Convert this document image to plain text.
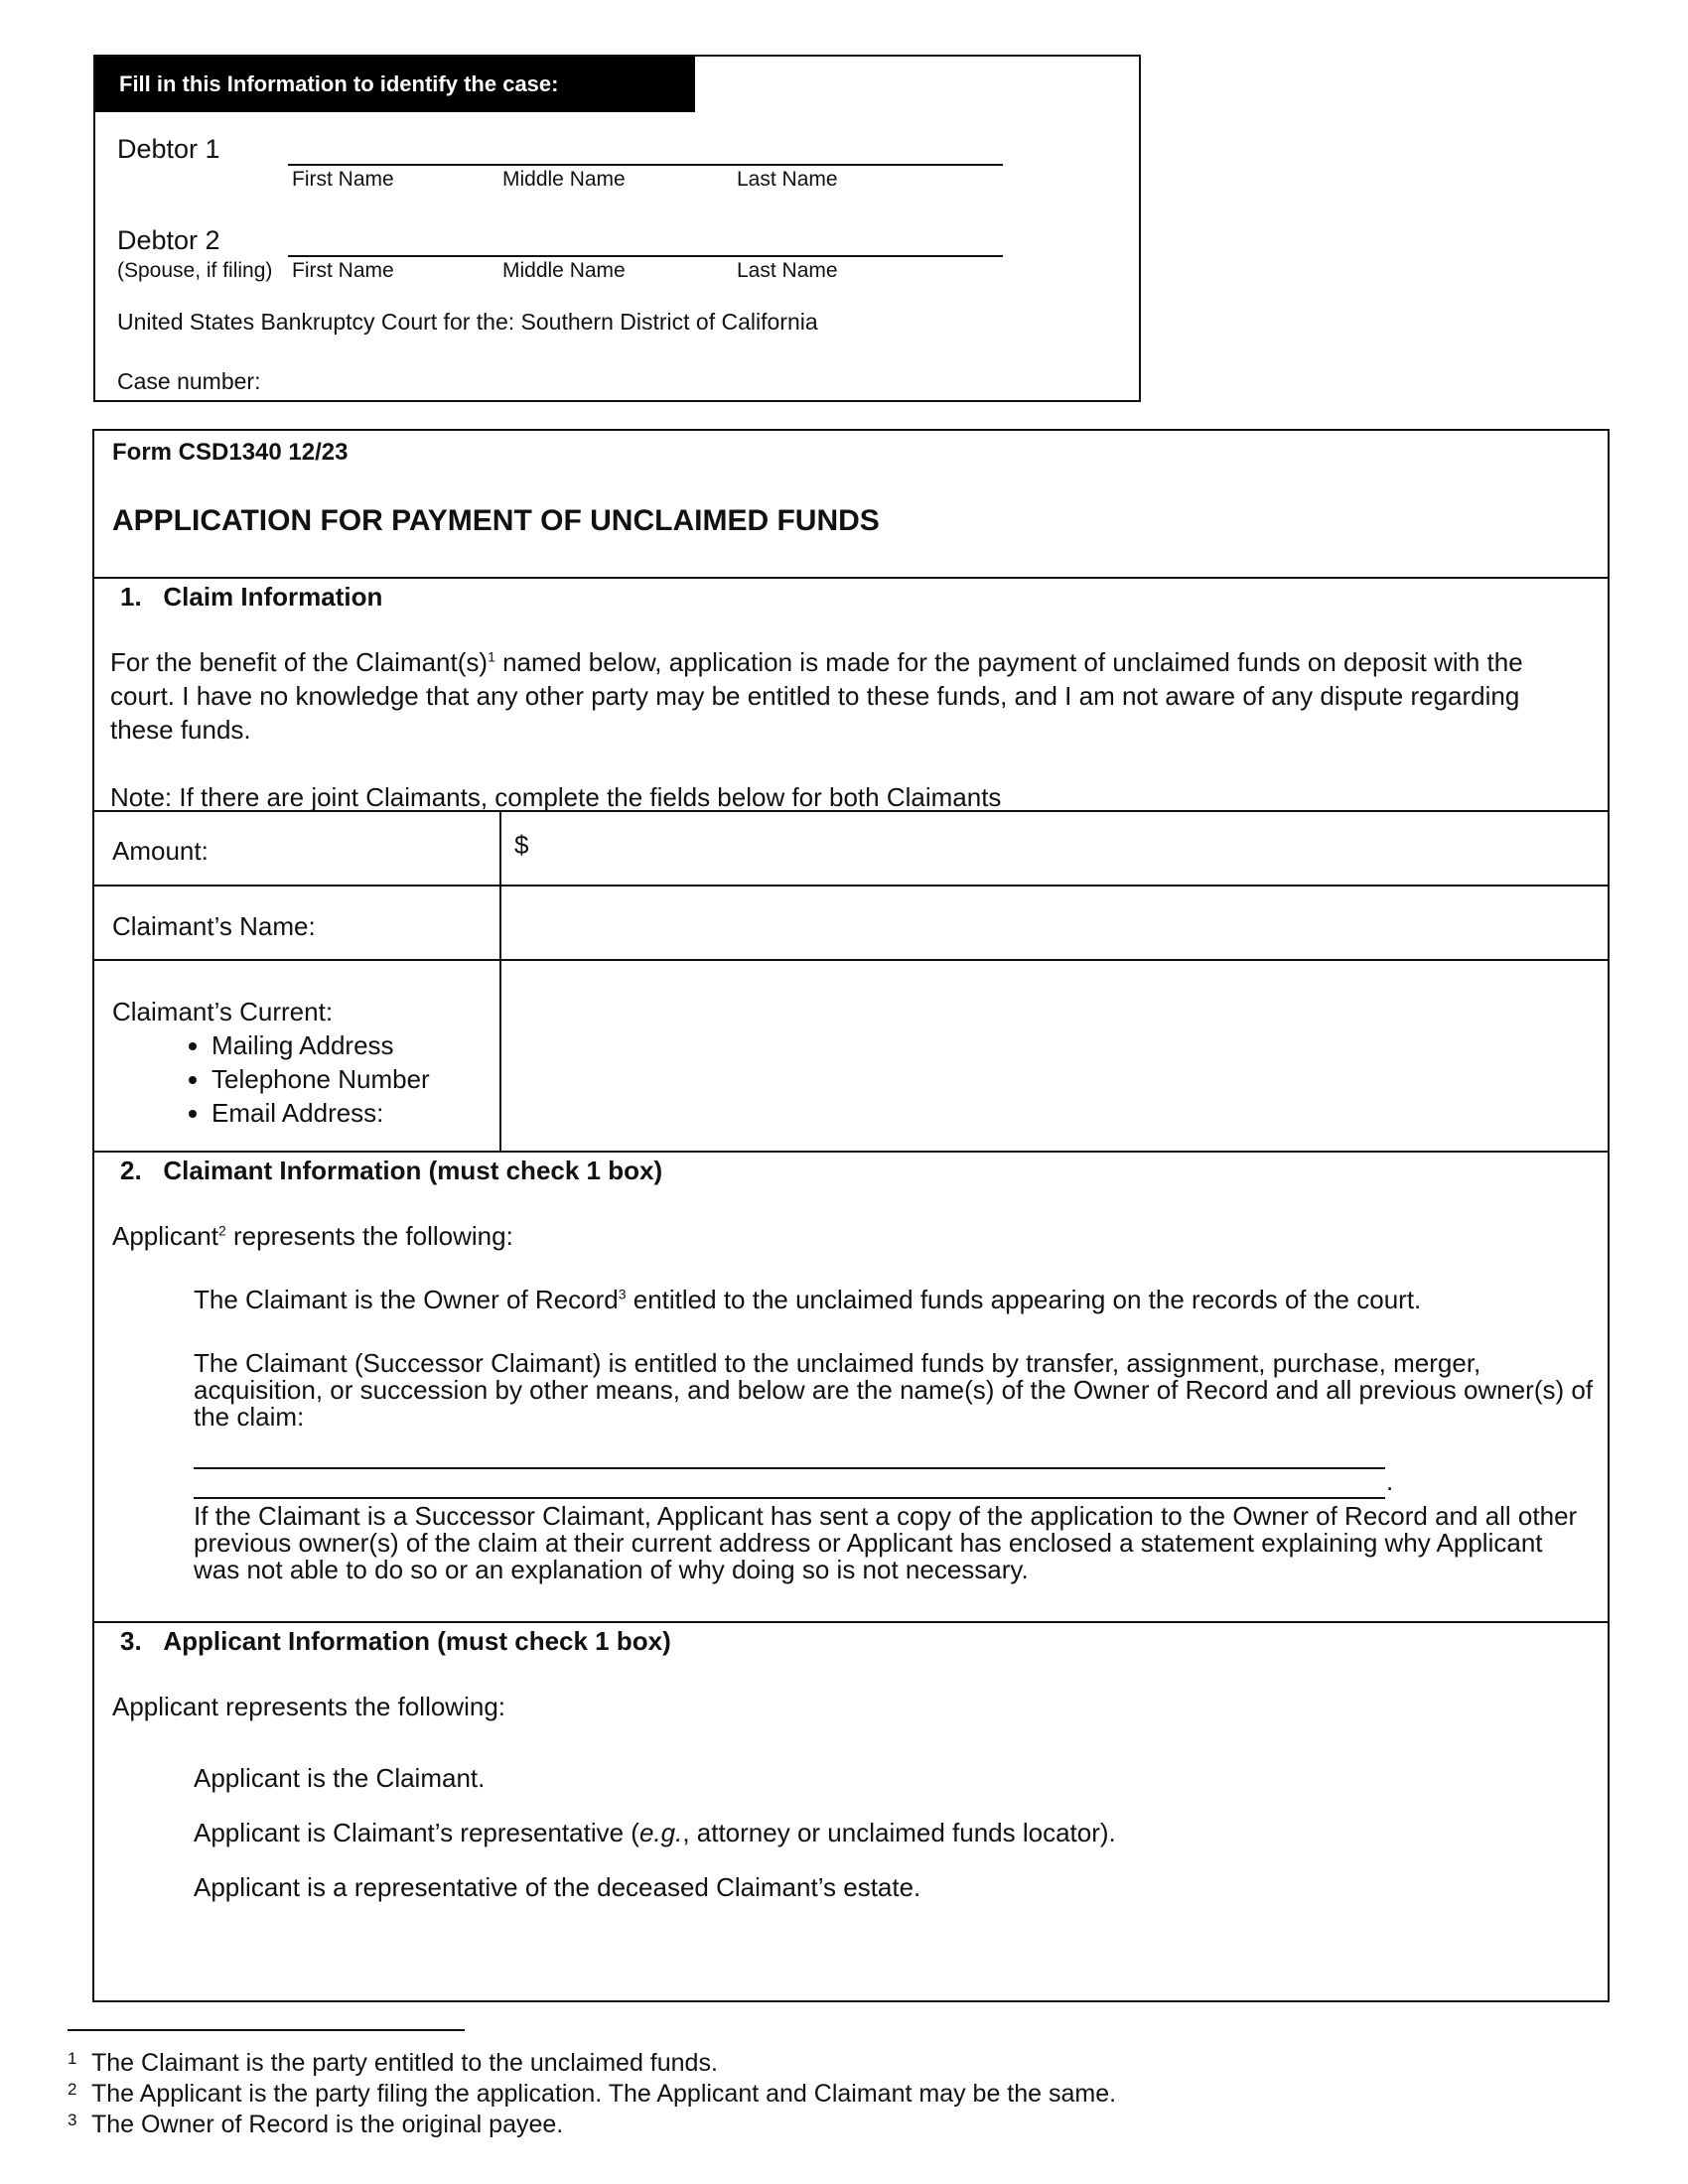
Fill in this Information to identify the case:
Debtor 1
First Name	Middle Name	Last Name
Debtor 2
(Spouse, if filing) First Name	Middle Name	Last Name
United States Bankruptcy Court for the: Southern District of California
Case number:
Form CSD1340 12/23
APPLICATION FOR PAYMENT OF UNCLAIMED FUNDS
1. Claim Information
For the benefit of the $Claimant(s)^1$ named below, application is made for the payment of unclaimed funds on deposit with the court. I have no knowledge that any other party may be entitled to these funds, and I am not aware of any dispute regarding these funds.
Note: If there are joint Claimants, complete the fields below for both Claimants
Amount:	$
Claimant’s Name:
Claimant’s Current:
• Mailing Address
• Telephone Number
• Email Address:
2. Claimant Information (must check 1 box)
Applicant$^2$ represents the following:
The Claimant is the Owner of Record$^3$ entitled to the unclaimed funds appearing on the records of the court.
The Claimant (Successor Claimant) is entitled to the unclaimed funds by transfer, assignment, purchase, merger, acquisition, or succession by other means, and below are the name(s) of the Owner of Record and all previous owner(s) of the claim:
.
If the Claimant is a Successor Claimant, Applicant has sent a copy of the application to the Owner of Record and all other previous owner(s) of the claim at their current address or Applicant has enclosed a statement explaining why Applicant was not able to do so or an explanation of why doing so is not necessary.
3. Applicant Information (must check 1 box)
Applicant represents the following:
Applicant is the Claimant.
Applicant is Claimant’s representative (e.g., attorney or unclaimed funds locator).
Applicant is a representative of the deceased Claimant’s estate.
1 The Claimant is the party entitled to the unclaimed funds.
2 The Applicant is the party filing the application. The Applicant and Claimant may be the same.
3 The Owner of Record is the original payee.
